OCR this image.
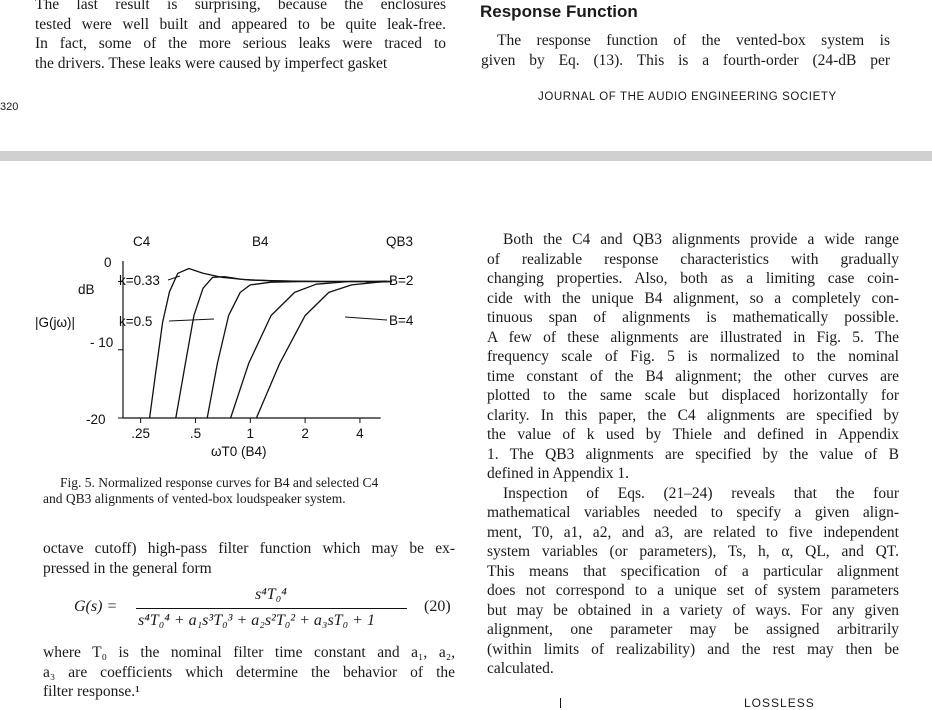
The last result is surprising, because the enclosures
tested were well built and appeared to be quite leak-free.
In fact, some of the more serious leaks were traced to
the drivers. These leaks were caused by imperfect gasket
Response Function
The response function of the vented-box system is
given by Eq. (13). This is a fourth-order (24-dB per
320
JOURNAL OF THE AUDIO ENGINEERING SOCIETY
C4	B4	QB3
k=0.33
k=0.5
B=2
B=4
dB
|G(jω)|
ωT0 (B4)
0
- 10
-20
.25	.5	1	2	4
Fig. 5. Normalized response curves for B4 and selected C4
and QB3 alignments of vented-box loudspeaker system.
octave cutoff) high-pass filter function which may be ex-
pressed in the general form
G(s) =
s⁴T₀⁴
s⁴T₀⁴ + a₁s³T₀³ + a₂s²T₀² + a₃sT₀ + 1
(20)
where T₀ is the nominal filter time constant and a₁, a₂,
a₃ are coefficients which determine the behavior of the
filter response.¹
Both the C4 and QB3 alignments provide a wide range
of realizable response characteristics with gradually
changing properties. Also, both as a limiting case coin-
cide with the unique B4 alignment, so a completely con-
tinuous span of alignments is mathematically possible.
A few of these alignments are illustrated in Fig. 5. The
frequency scale of Fig. 5 is normalized to the nominal
time constant of the B4 alignment; the other curves are
plotted to the same scale but displaced horizontally for
clarity. In this paper, the C4 alignments are specified by
the value of k used by Thiele and defined in Appendix
1. The QB3 alignments are specified by the value of B
defined in Appendix 1.
Inspection of Eqs. (21–24) reveals that the four
mathematical variables needed to specify a given align-
ment, T0, a1, a2, and a3, are related to five independent
system variables (or parameters), Ts, h, α, QL, and QT.
This means that specification of a particular alignment
does not correspond to a unique set of system parameters
but may be obtained in a variety of ways. For any given
alignment, one parameter may be assigned arbitrarily
(within limits of realizability) and the rest may then be
calculated.
LOSSLESS
